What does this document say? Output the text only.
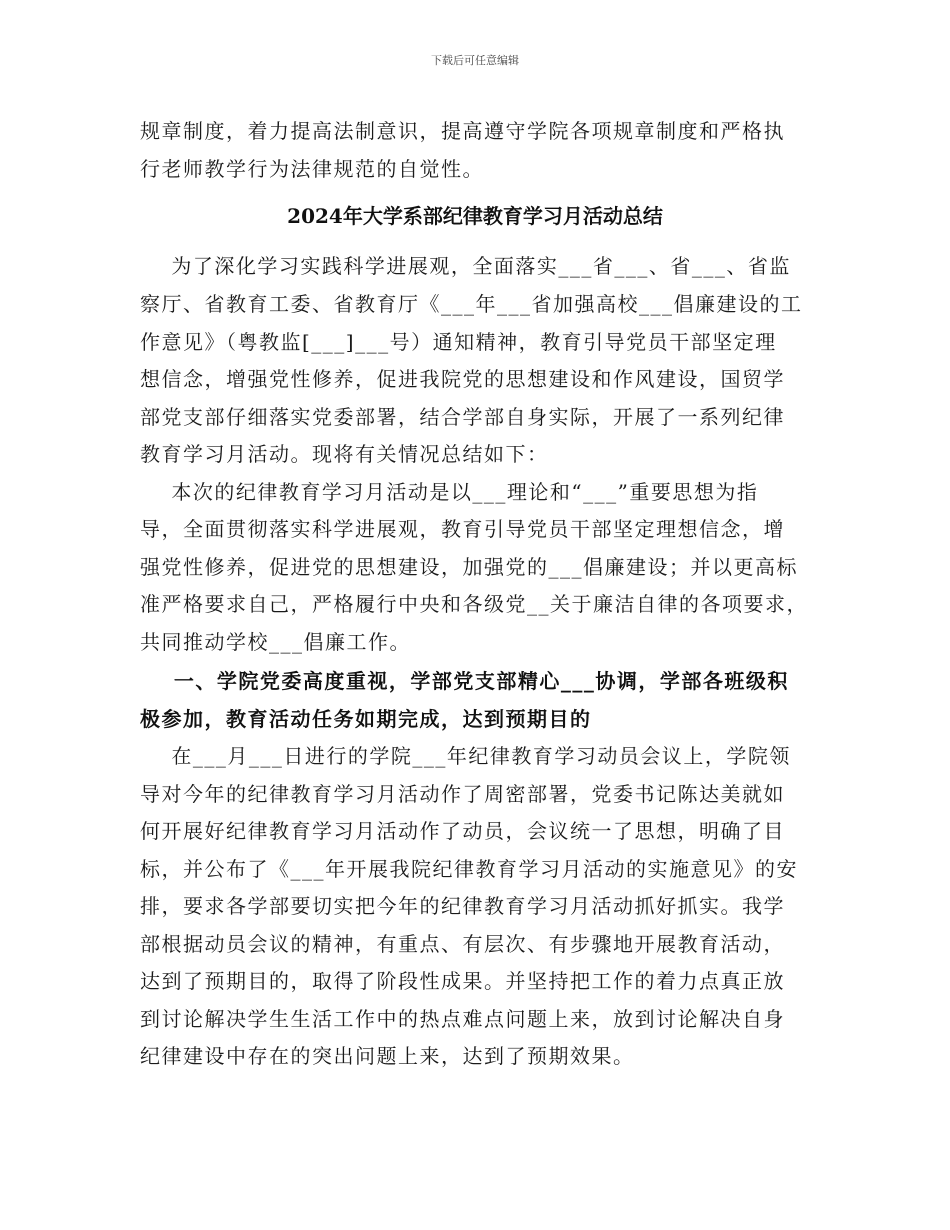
下载后可任意编辑
规章制度，着力提高法制意识，提高遵守学院各项规章制度和严格执
行老师教学行为法律规范的自觉性。
2024年大学系部纪律教育学习月活动总结
为了深化学习实践科学进展观，全面落实___省___、省___、省监
察厅、省教育工委、省教育厅《___年___省加强高校___倡廉建设的工
作意见》（粤教监[___]___号）通知精神，教育引导党员干部坚定理
想信念，增强党性修养，促进我院党的思想建设和作风建设，国贸学
部党支部仔细落实党委部署，结合学部自身实际，开展了一系列纪律
教育学习月活动。现将有关情况总结如下：
本次的纪律教育学习月活动是以___理论和“___”重要思想为指
导，全面贯彻落实科学进展观，教育引导党员干部坚定理想信念，增
强党性修养，促进党的思想建设，加强党的___倡廉建设；并以更高标
准严格要求自己，严格履行中央和各级党__关于廉洁自律的各项要求，
共同推动学校___倡廉工作。
一、学院党委高度重视，学部党支部精心___协调，学部各班级积
极参加，教育活动任务如期完成，达到预期目的
在___月___日进行的学院___年纪律教育学习动员会议上，学院领
导对今年的纪律教育学习月活动作了周密部署，党委书记陈达美就如
何开展好纪律教育学习月活动作了动员，会议统一了思想，明确了目
标，并公布了《___年开展我院纪律教育学习月活动的实施意见》的安
排，要求各学部要切实把今年的纪律教育学习月活动抓好抓实。我学
部根据动员会议的精神，有重点、有层次、有步骤地开展教育活动，
达到了预期目的，取得了阶段性成果。并坚持把工作的着力点真正放
到讨论解决学生生活工作中的热点难点问题上来，放到讨论解决自身
纪律建设中存在的突出问题上来，达到了预期效果。
